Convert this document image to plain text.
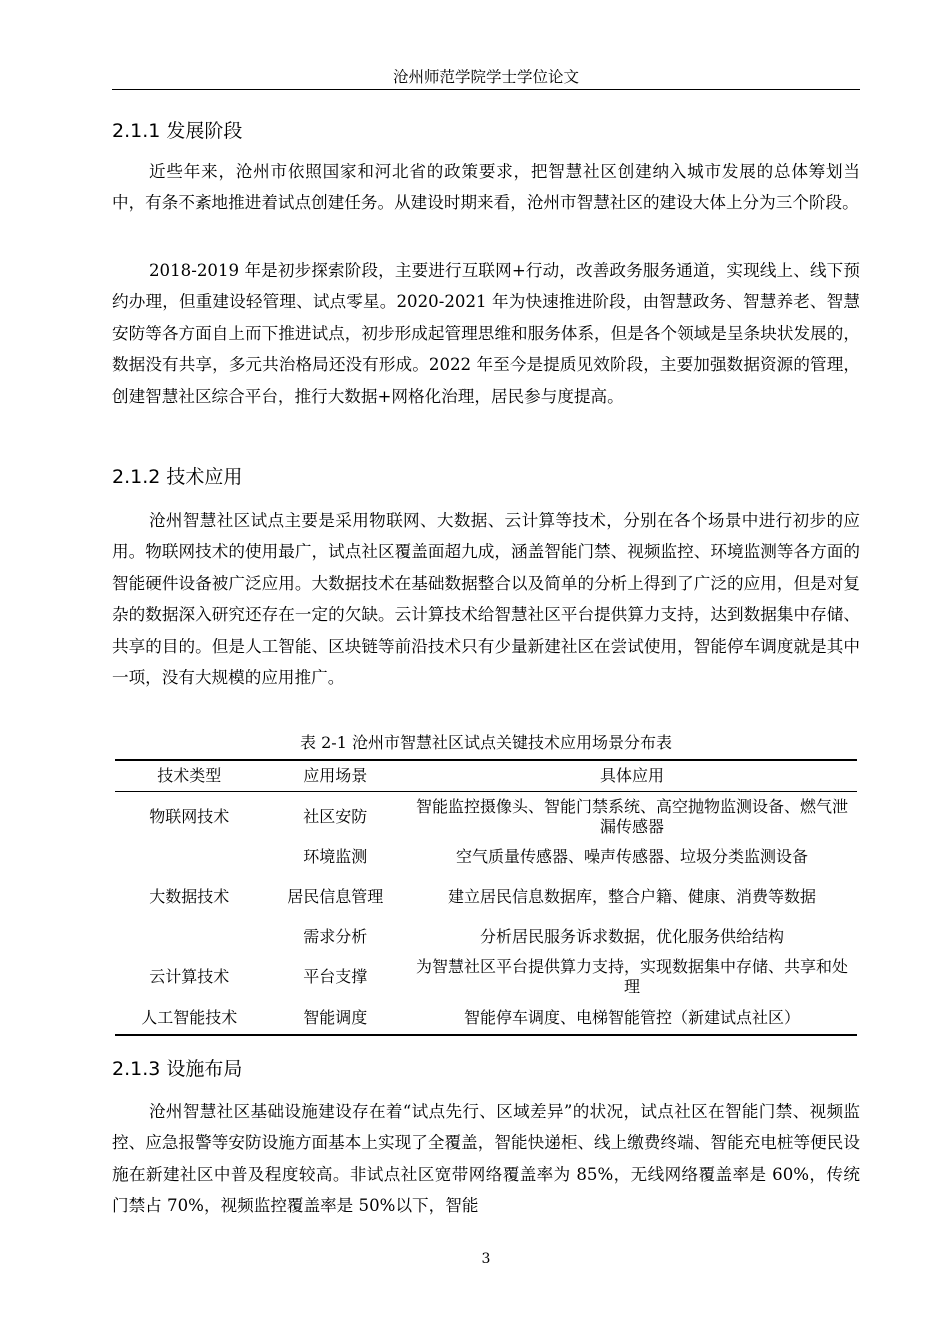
沧州师范学院学士学位论文
2.1.1 发展阶段

近些年来，沧州市依照国家和河北省的政策要求，把智慧社区创建纳入城市发展的总体筹划当中，有条不紊地推进着试点创建任务。从建设时期来看，沧州市智慧社区的建设大体上分为三个阶段。

2018-2019 年是初步探索阶段，主要进行互联网+行动，改善政务服务通道，实现线上、线下预约办理，但重建设轻管理、试点零星。2020-2021 年为快速推进阶段，由智慧政务、智慧养老、智慧安防等各方面自上而下推进试点，初步形成起管理思维和服务体系，但是各个领域是呈条块状发展的，数据没有共享，多元共治格局还没有形成。2022 年至今是提质见效阶段，主要加强数据资源的管理，创建智慧社区综合平台，推行大数据+网格化治理，居民参与度提高。

2.1.2 技术应用

沧州智慧社区试点主要是采用物联网、大数据、云计算等技术，分别在各个场景中进行初步的应用。物联网技术的使用最广，试点社区覆盖面超九成，涵盖智能门禁、视频监控、环境监测等各方面的智能硬件设备被广泛应用。大数据技术在基础数据整合以及简单的分析上得到了广泛的应用，但是对复杂的数据深入研究还存在一定的欠缺。云计算技术给智慧社区平台提供算力支持，达到数据集中存储、共享的目的。但是人工智能、区块链等前沿技术只有少量新建社区在尝试使用，智能停车调度就是其中一项，没有大规模的应用推广。

表 2-1 沧州市智慧社区试点关键技术应用场景分布表
技术类型	应用场景	具体应用
物联网技术	社区安防	智能监控摄像头、智能门禁系统、高空抛物监测设备、燃气泄漏传感器
	环境监测	空气质量传感器、噪声传感器、垃圾分类监测设备
大数据技术	居民信息管理	建立居民信息数据库，整合户籍、健康、消费等数据
	需求分析	分析居民服务诉求数据，优化服务供给结构
云计算技术	平台支撑	为智慧社区平台提供算力支持，实现数据集中存储、共享和处理
人工智能技术	智能调度	智能停车调度、电梯智能管控（新建试点社区）
2.1.3 设施布局

沧州智慧社区基础设施建设存在着“试点先行、区域差异”的状况，试点社区在智能门禁、视频监控、应急报警等安防设施方面基本上实现了全覆盖，智能快递柜、线上缴费终端、智能充电桩等便民设施在新建社区中普及程度较高。非试点社区宽带网络覆盖率为 85%，无线网络覆盖率是 60%，传统门禁占 70%，视频监控覆盖率是 50%以下，智能

3
